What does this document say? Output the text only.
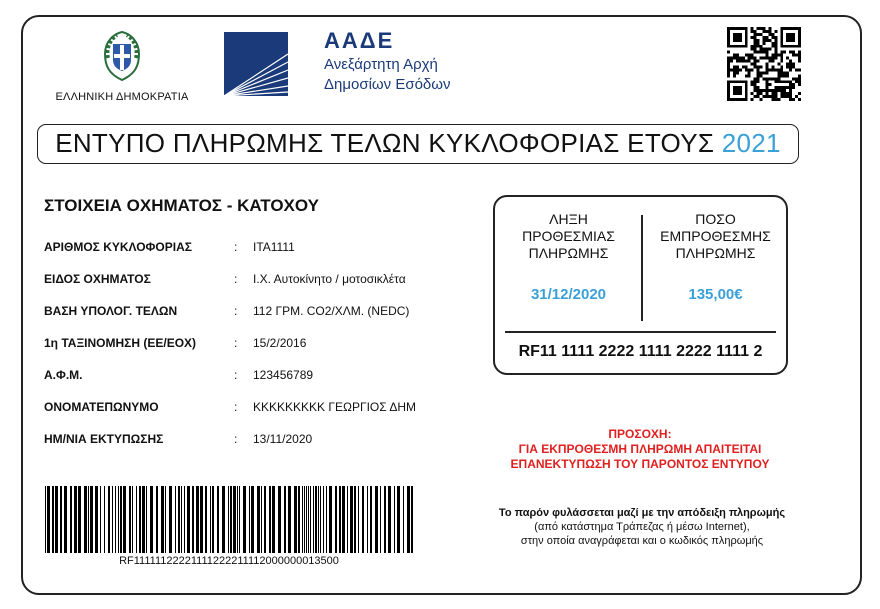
ΕΛΛΗΝΙΚΗ ΔΗΜΟΚΡΑΤΙΑ
ΑΑΔΕ
Ανεξάρτητη Αρχή
Δημοσίων Εσόδων
ΕΝΤΥΠΟ ΠΛΗΡΩΜΗΣ ΤΕΛΩΝ ΚΥΚΛΟΦΟΡΙΑΣ ΕΤΟΥΣ 2021
ΣΤΟΙΧΕΙΑ ΟΧΗΜΑΤΟΣ - ΚΑΤΟΧΟΥ
ΑΡΙΘΜΟΣ ΚΥΚΛΟΦΟΡΙΑΣ	: ΙΤΑ1111
ΕΙΔΟΣ ΟΧΗΜΑΤΟΣ	: Ι.Χ. Αυτοκίνητο / μοτοσικλέτα
ΒΑΣΗ ΥΠΟΛΟΓ. ΤΕΛΩΝ	: 112 ΓΡΜ. CO2/ΧΛΜ. (NEDC)
1η ΤΑΞΙΝΟΜΗΣΗ (ΕΕ/ΕΟΧ)	: 15/2/2016
Α.Φ.Μ.	: 123456789
ΟΝΟΜΑΤΕΠΩΝΥΜΟ	: ΚΚΚΚΚΚΚΚΚ ΓΕΩΡΓΙΟΣ ΔΗΜ
ΗΜ/ΝΙΑ ΕΚΤΥΠΩΣΗΣ	: 13/11/2020
ΛΗΞΗ
ΠΡΟΘΕΣΜΙΑΣ
ΠΛΗΡΩΜΗΣ
31/12/2020
ΠΟΣΟ
ΕΜΠΡΟΘΕΣΜΗΣ
ΠΛΗΡΩΜΗΣ
135,00€
RF11 1111 2222 1111 2222 1111 2
ΠΡΟΣΟΧΗ:
ΓΙΑ ΕΚΠΡΟΘΕΣΜΗ ΠΛΗΡΩΜΗ ΑΠΑΙΤΕΙΤΑΙ
ΕΠΑΝΕΚΤΥΠΩΣΗ ΤΟΥ ΠΑΡΟΝΤΟΣ ΕΝΤΥΠΟΥ
RF11111122221111222211112000000013500
Το παρόν φυλάσσεται μαζί με την απόδειξη πληρωμής
(από κατάστημα Τράπεζας ή μέσω Internet),
στην οποία αναγράφεται και ο κωδικός πληρωμής
